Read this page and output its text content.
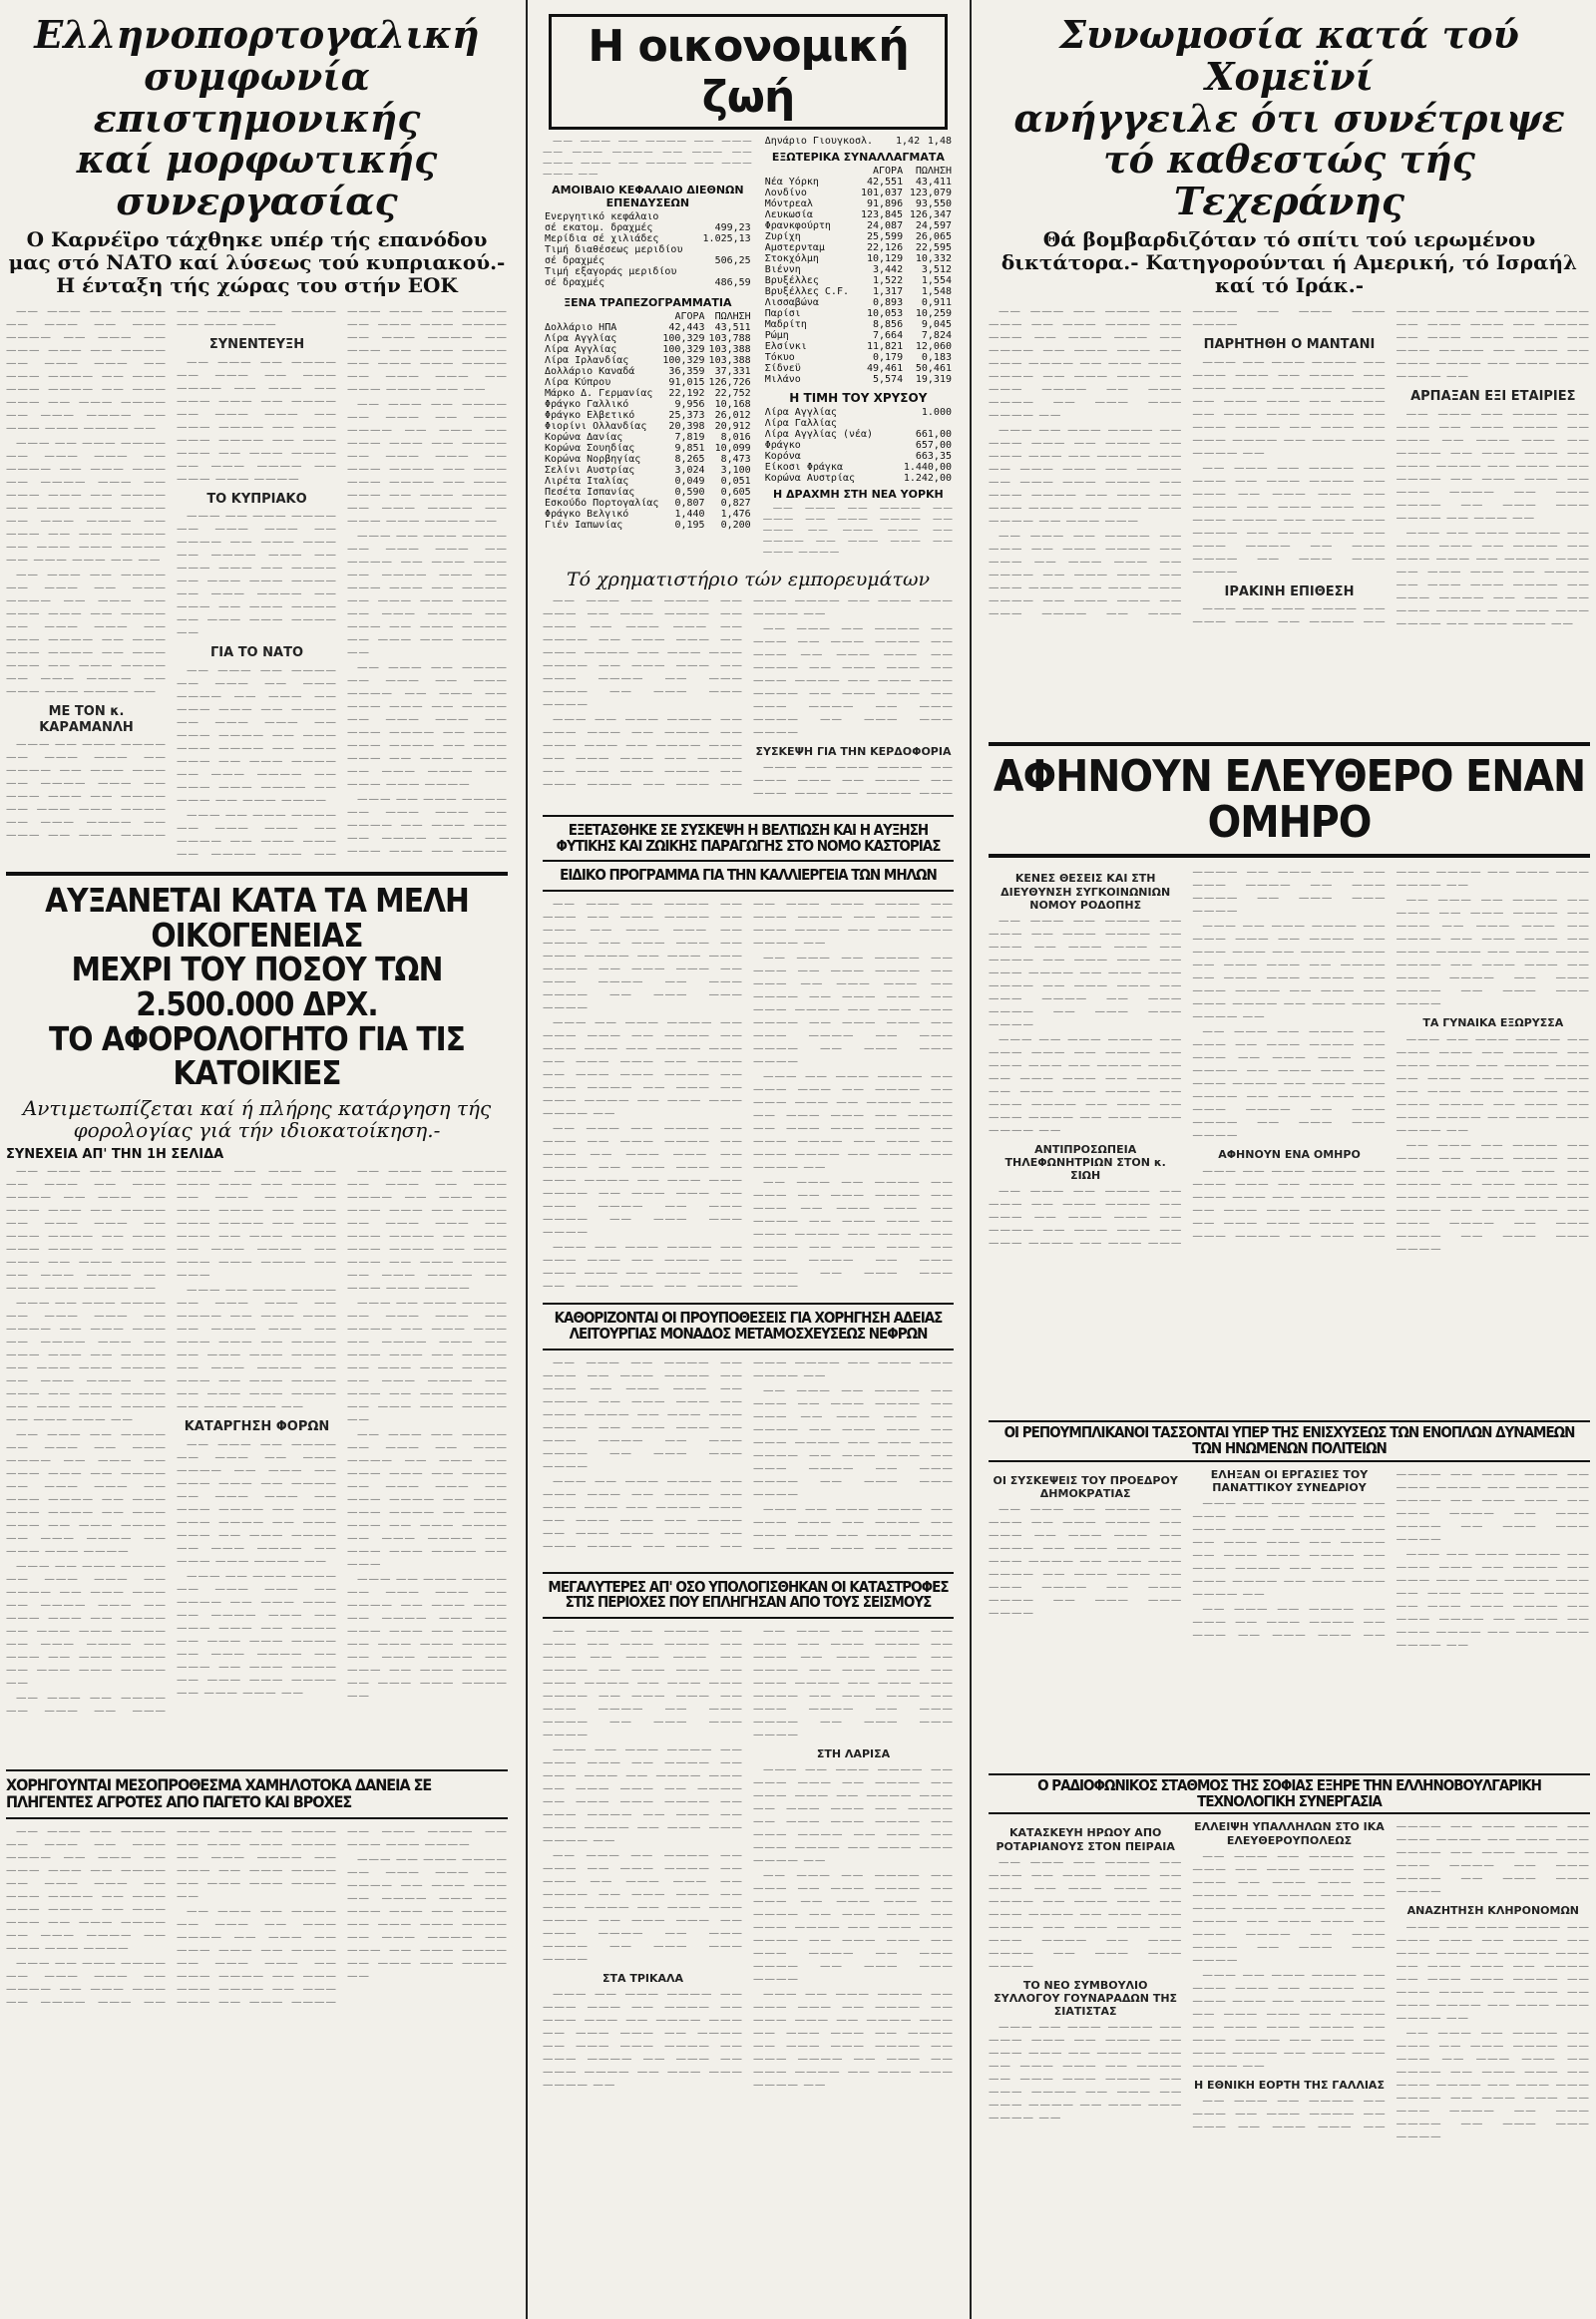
Ελληνοπορτογαλική συμφωνία
επιστημονικής
καί μορφωτικής συνεργασίας
Ο Καρνέϊρο τάχθηκε υπέρ τής επανόδου μας στό ΝΑΤΟ καί λύσεως τού κυπριακού.- Η ένταξη τής χώρας του στήν ΕΟΚ

—— ——— —— ———— —— ——— —— ——— ———— —— ——— —— ——— ——— —— ———— —— ——— ——— —— ——— ———— —— ——— ——— ———— —— ——— ——— —— ——— ———— —— ——— ———— —— ——— ——— ———— ——

——— —— ——— ———— —— ——— ——— —— ———— —— ——— ——— —— ———— ——— —— ——— ——— —— ———— —— ——— ——— ———— —— ——— ———— —— ——— —— ——— ———— —— ——— ——— ———— —— ——— ——— —— ——

—— ——— —— ———— —— ——— —— ——— ———— —— ——— —— ——— ——— —— ———— —— ——— ——— —— ——— ———— —— ——— ——— ———— —— ——— ——— —— ——— ———— —— ——— ———— —— ——— ——— ———— ——

ΜΕ ΤΟΝ κ. ΚΑΡΑΜΑΝΛΗ

——— —— ——— ———— —— ——— ——— —— ———— —— ——— ——— —— ———— ——— —— ——— ——— —— ———— —— ——— ——— ———— —— ——— ———— —— ——— —— ——— ———— —— ——— ——— ———— —— ——— ———

ΣΥΝΕΝΤΕΥΞΗ

—— ——— —— ———— —— ——— —— ——— ———— —— ——— —— ——— ——— —— ———— —— ——— ——— —— ——— ———— —— ——— ——— ———— —— ——— ——— —— ——— ———— —— ——— ———— —— ——— ——— ————

ΤΟ ΚΥΠΡΙΑΚΟ

——— —— ——— ———— —— ——— ——— —— ———— —— ——— ——— —— ———— ——— —— ——— ——— —— ———— —— ——— ——— ———— —— ——— ———— —— ——— —— ——— ———— —— ——— ——— ———— ——

ΓΙΑ ΤΟ ΝΑΤΟ

—— ——— —— ———— —— ——— —— ——— ———— —— ——— —— ——— ——— —— ———— —— ——— ——— —— ——— ———— —— ——— ——— ———— —— ——— ——— —— ——— ———— —— ——— ———— —— ——— ——— ———— —— ——— —— ——— ————

——— —— ——— ———— —— ——— ——— —— ———— —— ——— ——— —— ———— ——— —— ——— ——— —— ———— —— ——— ——— ———— —— ——— ———— —— ——— —— ——— ———— —— ——— ——— ———— —— ——— ——— —— ——— ———— —— ——

—— ——— —— ———— —— ——— —— ——— ———— —— ——— —— ——— ——— —— ———— —— ——— ——— —— ——— ———— —— ——— ——— ———— —— ——— ——— —— ——— ———— —— ——— ———— —— ——— ——— ———— ——

——— —— ——— ———— —— ——— ——— —— ———— —— ——— ——— —— ———— ——— —— ——— ——— —— ———— —— ——— ——— ———— —— ——— ———— —— ——— —— ——— ———— —— ——— ——— ———— ——

—— ——— —— ———— —— ——— —— ——— ———— —— ——— —— ——— ——— —— ———— —— ——— ——— —— ——— ———— —— ——— ——— ———— —— ——— ——— —— ——— ———— —— ——— ———— —— ——— ——— ————

——— —— ——— ———— —— ——— ——— —— ———— —— ——— ——— —— ———— ——— —— ——— ——— —— ————

ΑΥΞΑΝΕΤΑΙ ΚΑΤΑ ΤΑ ΜΕΛΗ ΟΙΚΟΓΕΝΕΙΑΣ
ΜΕΧΡΙ ΤΟΥ ΠΟΣΟΥ ΤΩΝ 2.500.000 ΔΡΧ.
ΤΟ ΑΦΟΡΟΛΟΓΗΤΟ ΓΙΑ ΤΙΣ ΚΑΤΟΙΚΙΕΣ
Αντιμετωπίζεται καί ή πλήρης κατάργηση τής φορολογίας γιά τήν ιδιοκατοίκηση.-
ΣΥΝΕΧΕΙΑ ΑΠ' ΤΗΝ 1Η ΣΕΛΙΔΑ

—— ——— —— ———— —— ——— —— ——— ———— —— ——— —— ——— ——— —— ———— —— ——— ——— —— ——— ———— —— ——— ——— ———— —— ——— ——— —— ——— ———— —— ——— ———— —— ——— ——— ———— ——

——— —— ——— ———— —— ——— ——— —— ———— —— ——— ——— —— ———— ——— —— ——— ——— —— ———— —— ——— ——— ———— —— ——— ———— —— ——— —— ——— ———— —— ——— ——— ———— —— ——— ——— ——

—— ——— —— ———— —— ——— —— ——— ———— —— ——— —— ——— ——— —— ———— —— ——— ——— —— ——— ———— —— ——— ——— ———— —— ——— ——— —— ——— ———— —— ——— ———— —— ——— ——— ————

——— —— ——— ———— —— ——— ——— —— ———— —— ——— ——— —— ———— ——— —— ——— ——— —— ———— —— ——— ——— ———— —— ——— ———— —— ——— —— ——— ———— —— ——— ——— ———— ——

—— ——— —— ———— —— ——— —— ——— ———— —— ——— —— ——— ——— —— ———— —— ——— ——— —— ——— ———— —— ——— ——— ———— —— ——— ——— —— ——— ———— —— ——— ———— —— ——— ——— ———— —— ———

——— —— ——— ———— —— ——— ——— —— ———— —— ——— ——— —— ———— ——— —— ——— ——— —— ———— —— ——— ——— ———— —— ——— ———— —— ——— —— ——— ———— —— ——— ——— ———— —— ——— ——— ——

ΚΑΤΑΡΓΗΣΗ ΦΟΡΩΝ

—— ——— —— ———— —— ——— —— ——— ———— —— ——— —— ——— ——— —— ———— —— ——— ——— —— ——— ———— —— ——— ——— ———— —— ——— ——— —— ——— ———— —— ——— ———— —— ——— ——— ———— ——

——— —— ——— ———— —— ——— ——— —— ———— —— ——— ——— —— ———— ——— —— ——— ——— —— ———— —— ——— ——— ———— —— ——— ———— —— ——— —— ——— ———— —— ——— ——— ———— —— ——— ——— ——

—— ——— —— ———— —— ——— —— ——— ———— —— ——— —— ——— ——— —— ———— —— ——— ——— —— ——— ———— —— ——— ——— ———— —— ——— ——— —— ——— ———— —— ——— ———— —— ——— ——— ————

——— —— ——— ———— —— ——— ——— —— ———— —— ——— ——— —— ———— ——— —— ——— ——— —— ———— —— ——— ——— ———— —— ——— ———— —— ——— —— ——— ———— —— ——— ——— ———— ——

—— ——— —— ———— —— ——— —— ——— ———— —— ——— —— ——— ——— —— ———— —— ——— ——— —— ——— ———— —— ——— ——— ———— —— ——— ——— —— ——— ———— —— ——— ———— —— ——— ——— ———— —— ———

——— —— ——— ———— —— ——— ——— —— ———— —— ——— ——— —— ———— ——— —— ——— ——— —— ———— —— ——— ——— ———— —— ——— ———— —— ——— —— ——— ———— —— ——— ——— ———— ——

ΧΟΡΗΓΟΥΝΤΑΙ ΜΕΣΟΠΡΟΘΕΣΜΑ ΧΑΜΗΛΟΤΟΚΑ ΔΑΝΕΙΑ ΣΕ ΠΛΗΓΕΝΤΕΣ ΑΓΡΟΤΕΣ ΑΠΟ ΠΑΓΕΤΟ ΚΑΙ ΒΡΟΧΕΣ

—— ——— —— ———— —— ——— —— ——— ———— —— ——— —— ——— ——— —— ———— —— ——— ——— —— ——— ———— —— ——— ——— ———— —— ——— ——— —— ——— ———— —— ——— ———— —— ——— ——— ————

——— —— ——— ———— —— ——— ——— —— ———— —— ——— ——— —— ———— ——— —— ——— ——— —— ———— —— ——— ——— ———— —— ——— ———— —— ——— —— ——— ———— —— ——— ——— ———— ——

—— ——— —— ———— —— ——— —— ——— ———— —— ——— —— ——— ——— —— ———— —— ——— ——— —— ——— ———— —— ——— ——— ———— —— ——— ——— —— ——— ———— —— ——— ———— —— ——— ——— ————

——— —— ——— ———— —— ——— ——— —— ———— —— ——— ——— —— ———— ——— —— ——— ——— —— ———— —— ——— ——— ———— —— ——— ———— —— ——— —— ——— ———— —— ——— ——— ———— ——

Η οικονομική ζωή

—— ——— —— ———— —— ——— —— ——— ———— —— ——— —— ——— ——— —— ———— —— ——— ——— ——

ΑΜΟΙΒΑΙΟ ΚΕΦΑΛΑΙΟ ΔΙΕΘΝΩΝ ΕΠΕΝΔΥΣΕΩΝ
Ενεργητικό κεφάλαιο	
σέ εκατομ. δραχμές	499,23
Μερίδια σέ χιλιάδες	1.025,13
Τιμή διαθέσεως μεριδίου	
σέ δραχμές	506,25
Τιμή εξαγοράς μεριδίου	
σέ δραχμές	486,59
ΞΕΝΑ ΤΡΑΠΕΖΟΓΡΑΜΜΑΤΙΑ
	ΑΓΟΡΑ	ΠΩΛΗΣΗ
Δολλάριο ΗΠΑ	42,443	43,511
Λίρα Αγγλίας	100,329	103,788
Λίρα Αγγλίας	100,329	103,388
Λίρα Ιρλανδίας	100,329	103,388
Δολλάριο Καναδά	36,359	37,331
Λίρα Κύπρου	91,015	126,726
Μάρκο Δ. Γερμανίας	22,192	22,752
Φράγκο Γαλλικό	9,956	10,168
Φράγκο Ελβετικό	25,373	26,012
Φιορίνι Ολλανδίας	20,398	20,912
Κορώνα Δανίας	7,819	8,016
Κορώνα Σουηδίας	9,851	10,099
Κορώνα Νορβηγίας	8,265	8,473
Σελίνι Αυστρίας	3,024	3,100
Λιρέτα Ιταλίας	0,049	0,051
Πεσέτα Ισπανίας	0,590	0,605
Εσκούδο Πορτογαλίας	0,807	0,827
Φράγκο Βελγικό	1,440	1,476
Γιέν Ιαπωνίας	0,195	0,200
Δηνάριο Γιουγκοσλ.	1,42	1,48
ΕΞΩΤΕΡΙΚΑ ΣΥΝΑΛΛΑΓΜΑΤΑ
	ΑΓΟΡΑ	ΠΩΛΗΣΗ
Νέα Υόρκη	42,551	43,411
Λονδίνο	101,037	123,079
Μόντρεαλ	91,896	93,550
Λευκωσία	123,845	126,347
Φρανκφούρτη	24,087	24,597
Ζυρίχη	25,599	26,065
Αμστερνταμ	22,126	22,595
Στοκχόλμη	10,129	10,332
Βιέννη	3,442	3,512
Βρυξέλλες	1,522	1,554
Βρυξέλλες C.F.	1,317	1,548
Λισσαβώνα	0,893	0,911
Παρίσι	10,053	10,259
Μαδρίτη	8,856	9,045
Ρώμη	7,664	7,824
Ελσίνκι	11,821	12,060
Τόκυο	0,179	0,183
Σίδνεϋ	49,461	50,461
Μιλάνο	5,574	19,319
Η ΤΙΜΗ ΤΟΥ ΧΡΥΣΟΥ
Λίρα Αγγλίας	1.000
Λίρα Γαλλίας	
Λίρα Αγγλίας (νέα)	661,00
Φράγκο	657,00
Κορόνα	663,35
Είκοσι Φράγκα	1.440,00
Κορώνα Αυστρίας	1.242,00
Η ΔΡΑΧΜΗ ΣΤΗ ΝΕΑ ΥΟΡΚΗ

—— ——— —— ———— —— ——— —— ——— ———— —— ——— —— ——— ——— —— ———— —— ——— ——— —— ——— ————

Τό χρηματιστήριο τών εμπορευμάτων

—— ——— —— ———— —— ——— —— ——— ———— —— ——— —— ——— ——— —— ———— —— ——— ——— —— ——— ———— —— ——— ——— ———— —— ——— ——— —— ——— ———— —— ——— ———— —— ——— ——— ————

——— —— ——— ———— —— ——— ——— —— ———— —— ——— ——— —— ———— ——— —— ——— ——— —— ———— —— ——— ——— ———— —— ——— ———— —— ——— —— ——— ———— —— ——— ——— ———— ——

—— ——— —— ———— —— ——— —— ——— ———— —— ——— —— ——— ——— —— ———— —— ——— ——— —— ——— ———— —— ——— ——— ———— —— ——— ——— —— ——— ———— —— ——— ———— —— ——— ——— ————

ΣΥΣΚΕΨΗ ΓΙΑ ΤΗΝ ΚΕΡΔΟΦΟΡΙΑ

——— —— ——— ———— —— ——— ——— —— ———— —— ——— ——— —— ———— ———

ΕΞΕΤΑΣΘΗΚΕ ΣΕ ΣΥΣΚΕΨΗ Η ΒΕΛΤΙΩΣΗ ΚΑΙ Η ΑΥΞΗΣΗ ΦΥΤΙΚΗΣ ΚΑΙ ΖΩΙΚΗΣ ΠΑΡΑΓΩΓΗΣ ΣΤΟ ΝΟΜΟ ΚΑΣΤΟΡΙΑΣ
ΕΙΔΙΚΟ ΠΡΟΓΡΑΜΜΑ ΓΙΑ ΤΗΝ ΚΑΛΛΙΕΡΓΕΙΑ ΤΩΝ ΜΗΛΩΝ

—— ——— —— ———— —— ——— —— ——— ———— —— ——— —— ——— ——— —— ———— —— ——— ——— —— ——— ———— —— ——— ——— ———— —— ——— ——— —— ——— ———— —— ——— ———— —— ——— ——— ————

——— —— ——— ———— —— ——— ——— —— ———— —— ——— ——— —— ———— ——— —— ——— ——— —— ———— —— ——— ——— ———— —— ——— ———— —— ——— —— ——— ———— —— ——— ——— ———— ——

—— ——— —— ———— —— ——— —— ——— ———— —— ——— —— ——— ——— —— ———— —— ——— ——— —— ——— ———— —— ——— ——— ———— —— ——— ——— —— ——— ———— —— ——— ———— —— ——— ——— ————

——— —— ——— ———— —— ——— ——— —— ———— —— ——— ——— —— ———— ——— —— ——— ——— —— ———— —— ——— ——— ———— —— ——— ———— —— ——— —— ——— ———— —— ——— ——— ———— ——

—— ——— —— ———— —— ——— —— ——— ———— —— ——— —— ——— ——— —— ———— —— ——— ——— —— ——— ———— —— ——— ——— ———— —— ——— ——— —— ——— ———— —— ——— ———— —— ——— ——— ————

——— —— ——— ———— —— ——— ——— —— ———— —— ——— ——— —— ———— ——— —— ——— ——— —— ———— —— ——— ——— ———— —— ——— ———— —— ——— —— ——— ———— —— ——— ——— ———— ——

—— ——— —— ———— —— ——— —— ——— ———— —— ——— —— ——— ——— —— ———— —— ——— ——— —— ——— ———— —— ——— ——— ———— —— ——— ——— —— ——— ———— —— ——— ———— —— ——— ——— ————

ΚΑΘΟΡΙΖΟΝΤΑΙ ΟΙ ΠΡΟΥΠΟΘΕΣΕΙΣ ΓΙΑ ΧΟΡΗΓΗΣΗ ΑΔΕΙΑΣ ΛΕΙΤΟΥΡΓΙΑΣ ΜΟΝΑΔΟΣ ΜΕΤΑΜΟΣΧΕΥΣΕΩΣ ΝΕΦΡΩΝ

—— ——— —— ———— —— ——— —— ——— ———— —— ——— —— ——— ——— —— ———— —— ——— ——— —— ——— ———— —— ——— ——— ———— —— ——— ——— —— ——— ———— —— ——— ———— —— ——— ——— ————

——— —— ——— ———— —— ——— ——— —— ———— —— ——— ——— —— ———— ——— —— ——— ——— —— ———— —— ——— ——— ———— —— ——— ———— —— ——— —— ——— ———— —— ——— ——— ———— ——

—— ——— —— ———— —— ——— —— ——— ———— —— ——— —— ——— ——— —— ———— —— ——— ——— —— ——— ———— —— ——— ——— ———— —— ——— ——— —— ——— ———— —— ——— ———— —— ——— ——— ————

——— —— ——— ———— —— ——— ——— —— ———— —— ——— ——— —— ———— ——— —— ——— ——— —— ————

ΜΕΓΑΛΥΤΕΡΕΣ ΑΠ' ΟΣΟ ΥΠΟΛΟΓΙΣΘΗΚΑΝ ΟΙ ΚΑΤΑΣΤΡΟΦΕΣ ΣΤΙΣ ΠΕΡΙΟΧΕΣ ΠΟΥ ΕΠΛΗΓΗΣΑΝ ΑΠΟ ΤΟΥΣ ΣΕΙΣΜΟΥΣ

—— ——— —— ———— —— ——— —— ——— ———— —— ——— —— ——— ——— —— ———— —— ——— ——— —— ——— ———— —— ——— ——— ———— —— ——— ——— —— ——— ———— —— ——— ———— —— ——— ——— ————

——— —— ——— ———— —— ——— ——— —— ———— —— ——— ——— —— ———— ——— —— ——— ——— —— ———— —— ——— ——— ———— —— ——— ———— —— ——— —— ——— ———— —— ——— ——— ———— ——

—— ——— —— ———— —— ——— —— ——— ———— —— ——— —— ——— ——— —— ———— —— ——— ——— —— ——— ———— —— ——— ——— ———— —— ——— ——— —— ——— ———— —— ——— ———— —— ——— ——— ————

ΣΤΑ ΤΡΙΚΑΛΑ

——— —— ——— ———— —— ——— ——— —— ———— —— ——— ——— —— ———— ——— —— ——— ——— —— ———— —— ——— ——— ———— —— ——— ———— —— ——— —— ——— ———— —— ——— ——— ———— ——

—— ——— —— ———— —— ——— —— ——— ———— —— ——— —— ——— ——— —— ———— —— ——— ——— —— ——— ———— —— ——— ——— ———— —— ——— ——— —— ——— ———— —— ——— ———— —— ——— ——— ————

ΣΤΗ ΛΑΡΙΣΑ

——— —— ——— ———— —— ——— ——— —— ———— —— ——— ——— —— ———— ——— —— ——— ——— —— ———— —— ——— ——— ———— —— ——— ———— —— ——— —— ——— ———— —— ——— ——— ———— ——

—— ——— —— ———— —— ——— —— ——— ———— —— ——— —— ——— ——— —— ———— —— ——— ——— —— ——— ———— —— ——— ——— ———— —— ——— ——— —— ——— ———— —— ——— ———— —— ——— ——— ————

——— —— ——— ———— —— ——— ——— —— ———— —— ——— ——— —— ———— ——— —— ——— ——— —— ———— —— ——— ——— ———— —— ——— ———— —— ——— —— ——— ———— —— ——— ——— ———— ——

Συνωμοσία κατά τού Χομεϊνί
ανήγγειλε ότι συνέτριψε
τό καθεστώς τής Τεχεράνης
Θά βομβαρδιζόταν τό σπίτι τού ιερωμένου δικτάτορα.- Κατηγορούνται ή Αμερική, τό Ισραήλ καί τό Ιράκ.-

—— ——— —— ———— —— ——— —— ——— ———— —— ——— —— ——— ——— —— ———— —— ——— ——— —— ——— ———— —— ——— ——— ———— —— ——— ——— —— ——— ———— —— ——— ———— —— ——— ——— ———— ——

——— —— ——— ———— —— ——— ——— —— ———— —— ——— ——— —— ———— ——— —— ——— ——— —— ———— —— ——— ——— ———— —— ——— ———— —— ——— —— ——— ———— —— ——— ——— ———— —— ——— ———

—— ——— —— ———— —— ——— —— ——— ———— —— ——— —— ——— ——— —— ———— —— ——— ——— —— ——— ———— —— ——— ——— ———— —— ——— ——— —— ——— ———— —— ——— ———— —— ——— ——— ————

ΠΑΡΗΤΗΘΗ Ο ΜΑΝΤΑΝΙ

——— —— ——— ———— —— ——— ——— —— ———— —— ——— ——— —— ———— ——— —— ——— ——— —— ———— —— ——— ——— ———— —— ——— ———— —— ——— —— ——— ———— —— ——— ——— ———— ——

—— ——— —— ———— —— ——— —— ——— ———— —— ——— —— ——— ——— —— ———— —— ——— ——— —— ——— ———— —— ——— ——— ———— —— ——— ——— —— ——— ———— —— ——— ———— —— ——— ——— ————

ΙΡΑΚΙΝΗ ΕΠΙΘΕΣΗ

——— —— ——— ———— —— ——— ——— —— ———— —— ——— ——— —— ———— ——— —— ——— ——— —— ———— —— ——— ——— ———— —— ——— ———— —— ——— —— ——— ———— —— ——— ——— ———— ——

ΑΡΠΑΞΑΝ ΕΞΙ ΕΤΑΙΡΙΕΣ

—— ——— —— ———— —— ——— —— ——— ———— —— ——— —— ——— ——— —— ———— —— ——— ——— —— ——— ———— —— ——— ——— ———— —— ——— ——— —— ——— ———— —— ——— ———— —— ——— ——— ———— —— ——— ——

——— —— ——— ———— —— ——— ——— —— ———— —— ——— ——— —— ———— ——— —— ——— ——— —— ———— —— ——— ——— ———— —— ——— ———— —— ——— —— ——— ———— —— ——— ——— ———— —— ——— ——— ——

ΑΦΗΝΟΥΝ ΕΛΕΥΘΕΡΟ ΕΝΑΝ ΟΜΗΡΟ
ΚΕΝΕΣ ΘΕΣΕΙΣ ΚΑΙ ΣΤΗ ΔΙΕΥΘΥΝΣΗ ΣΥΓΚΟΙΝΩΝΙΩΝ ΝΟΜΟΥ ΡΟΔΟΠΗΣ

—— ——— —— ———— —— ——— —— ——— ———— —— ——— —— ——— ——— —— ———— —— ——— ——— —— ——— ———— —— ——— ——— ———— —— ——— ——— —— ——— ———— —— ——— ———— —— ——— ——— ————

——— —— ——— ———— —— ——— ——— —— ———— —— ——— ——— —— ———— ——— —— ——— ——— —— ———— —— ——— ——— ———— —— ——— ———— —— ——— —— ——— ———— —— ——— ——— ———— ——

ΑΝΤΙΠΡΟΣΩΠΕΙΑ ΤΗΛΕΦΩΝΗΤΡΙΩΝ ΣΤΟΝ κ. ΣΙΩΗ

—— ——— —— ———— —— ——— —— ——— ———— —— ——— —— ——— ——— —— ———— —— ——— ——— —— ——— ———— —— ——— ——— ———— —— ——— ——— —— ——— ———— —— ——— ———— —— ——— ——— ————

——— —— ——— ———— —— ——— ——— —— ———— —— ——— ——— —— ———— ——— —— ——— ——— —— ———— —— ——— ——— ———— —— ——— ———— —— ——— —— ——— ———— —— ——— ——— ———— ——

—— ——— —— ———— —— ——— —— ——— ———— —— ——— —— ——— ——— —— ———— —— ——— ——— —— ——— ———— —— ——— ——— ———— —— ——— ——— —— ——— ———— —— ——— ———— —— ——— ——— ————

ΑΦΗΝΟΥΝ ΕΝΑ ΟΜΗΡΟ

——— —— ——— ———— —— ——— ——— —— ———— —— ——— ——— —— ———— ——— —— ——— ——— —— ———— —— ——— ——— ———— —— ——— ———— —— ——— —— ——— ———— —— ——— ——— ———— ——

—— ——— —— ———— —— ——— —— ——— ———— —— ——— —— ——— ——— —— ———— —— ——— ——— —— ——— ———— —— ——— ——— ———— —— ——— ——— —— ——— ———— —— ——— ———— —— ——— ——— ————

ΤΑ ΓΥΝΑΙΚΑ ΕΞΩΡΥΣΣΑ

——— —— ——— ———— —— ——— ——— —— ———— —— ——— ——— —— ———— ——— —— ——— ——— —— ———— —— ——— ——— ———— —— ——— ———— —— ——— —— ——— ———— —— ——— ——— ———— ——

—— ——— —— ———— —— ——— —— ——— ———— —— ——— —— ——— ——— —— ———— —— ——— ——— —— ——— ———— —— ——— ——— ———— —— ——— ——— —— ——— ———— —— ——— ———— —— ——— ——— ————

ΟΙ ΡΕΠΟΥΜΠΛΙΚΑΝΟΙ ΤΑΣΣΟΝΤΑΙ ΥΠΕΡ ΤΗΣ ΕΝΙΣΧΥΣΕΩΣ ΤΩΝ ΕΝΟΠΛΩΝ ΔΥΝΑΜΕΩΝ ΤΩΝ ΗΝΩΜΕΝΩΝ ΠΟΛΙΤΕΙΩΝ
ΟΙ ΣΥΣΚΕΨΕΙΣ ΤΟΥ ΠΡΟΕΔΡΟΥ ΔΗΜΟΚΡΑΤΙΑΣ

—— ——— —— ———— —— ——— —— ——— ———— —— ——— —— ——— ——— —— ———— —— ——— ——— —— ——— ———— —— ——— ——— ———— —— ——— ——— —— ——— ———— —— ——— ———— —— ——— ——— ————

ΕΛΗΞΑΝ ΟΙ ΕΡΓΑΣΙΕΣ ΤΟΥ ΠΑΝΑΤΤΙΚΟΥ ΣΥΝΕΔΡΙΟΥ

——— —— ——— ———— —— ——— ——— —— ———— —— ——— ——— —— ———— ——— —— ——— ——— —— ———— —— ——— ——— ———— —— ——— ———— —— ——— —— ——— ———— —— ——— ——— ———— ——

—— ——— —— ———— —— ——— —— ——— ———— —— ——— —— ——— ——— —— ———— —— ——— ——— —— ——— ———— —— ——— ——— ———— —— ——— ——— —— ——— ———— —— ——— ———— —— ——— ——— ————

——— —— ——— ———— —— ——— ——— —— ———— —— ——— ——— —— ———— ——— —— ——— ——— —— ———— —— ——— ——— ———— —— ——— ———— —— ——— —— ——— ———— —— ——— ——— ———— ——

Ο ΡΑΔΙΟΦΩΝΙΚΟΣ ΣΤΑΘΜΟΣ ΤΗΣ ΣΟΦΙΑΣ ΕΞΗΡΕ ΤΗΝ ΕΛΛΗΝΟΒΟΥΛΓΑΡΙΚΗ ΤΕΧΝΟΛΟΓΙΚΗ ΣΥΝΕΡΓΑΣΙΑ
ΚΑΤΑΣΚΕΥΗ ΗΡΩΟΥ ΑΠΟ ΡΟΤΑΡΙΑΝΟΥΣ ΣΤΟΝ ΠΕΙΡΑΙΑ

—— ——— —— ———— —— ——— —— ——— ———— —— ——— —— ——— ——— —— ———— —— ——— ——— —— ——— ———— —— ——— ——— ———— —— ——— ——— —— ——— ———— —— ——— ———— —— ——— ——— ————

ΤΟ ΝΕΟ ΣΥΜΒΟΥΛΙΟ ΣΥΛΛΟΓΟΥ ΓΟΥΝΑΡΑΔΩΝ ΤΗΣ ΣΙΑΤΙΣΤΑΣ

——— —— ——— ———— —— ——— ——— —— ———— —— ——— ——— —— ———— ——— —— ——— ——— —— ———— —— ——— ——— ———— —— ——— ———— —— ——— —— ——— ———— —— ——— ——— ———— ——

ΕΛΛΕΙΨΗ ΥΠΑΛΛΗΛΩΝ ΣΤΟ ΙΚΑ ΕΛΕΥΘΕΡΟΥΠΟΛΕΩΣ

—— ——— —— ———— —— ——— —— ——— ———— —— ——— —— ——— ——— —— ———— —— ——— ——— —— ——— ———— —— ——— ——— ———— —— ——— ——— —— ——— ———— —— ——— ———— —— ——— ——— ————

——— —— ——— ———— —— ——— ——— —— ———— —— ——— ——— —— ———— ——— —— ——— ——— —— ———— —— ——— ——— ———— —— ——— ———— —— ——— —— ——— ———— —— ——— ——— ———— ——

Η ΕΘΝΙΚΗ ΕΟΡΤΗ ΤΗΣ ΓΑΛΛΙΑΣ

—— ——— —— ———— —— ——— —— ——— ———— —— ——— —— ——— ——— —— ———— —— ——— ——— —— ——— ———— —— ——— ——— ———— —— ——— ——— —— ——— ———— —— ——— ———— —— ——— ——— ————

ΑΝΑΖΗΤΗΣΗ ΚΛΗΡΟΝΟΜΩΝ

——— —— ——— ———— —— ——— ——— —— ———— —— ——— ——— —— ———— ——— —— ——— ——— —— ———— —— ——— ——— ———— —— ——— ———— —— ——— —— ——— ———— —— ——— ——— ———— ——

—— ——— —— ———— —— ——— —— ——— ———— —— ——— —— ——— ——— —— ———— —— ——— ——— —— ——— ———— —— ——— ——— ———— —— ——— ——— —— ——— ———— —— ——— ———— —— ——— ——— ————
